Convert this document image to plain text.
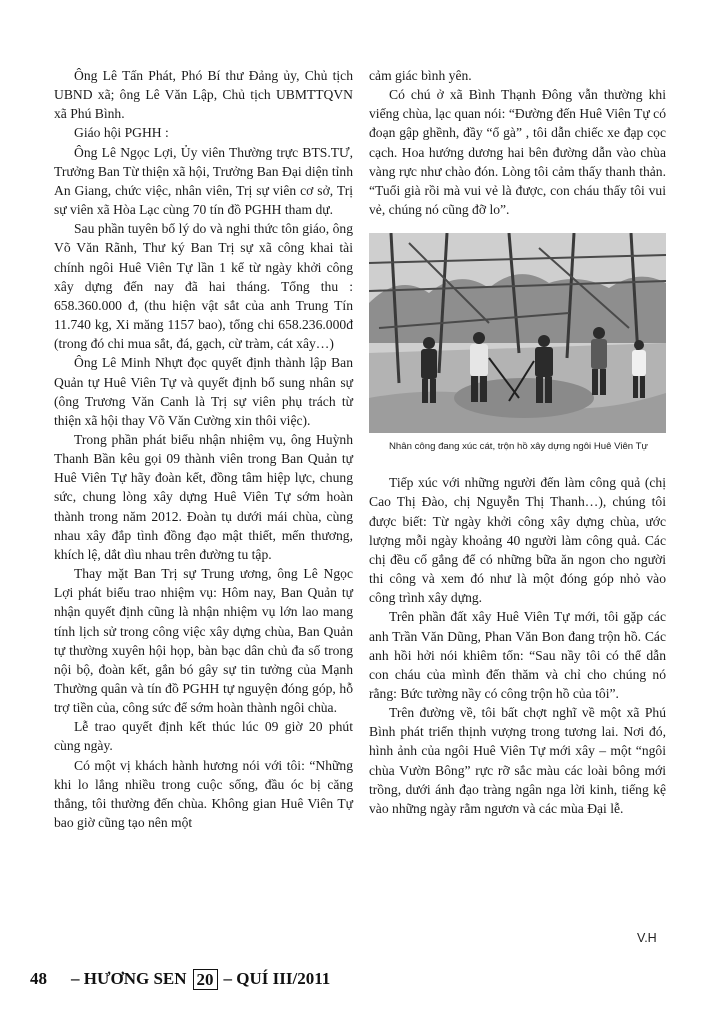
Ông Lê Tấn Phát, Phó Bí thư Đảng ủy, Chủ tịch UBND xã; ông Lê Văn Lập, Chủ tịch UBMTTQVN xã Phú Bình.

Giáo hội PGHH :

Ông Lê Ngọc Lợi, Ủy viên Thường trực BTS.TƯ, Trưởng Ban Từ thiện xã hội, Trưởng Ban Đại diện tỉnh An Giang, chức việc, nhân viên, Trị sự viên cơ sở, Trị sự viên xã Hòa Lạc cùng 70 tín đồ PGHH tham dự.

Sau phần tuyên bố lý do và nghi thức tôn giáo, ông Võ Văn Rãnh, Thư ký Ban Trị sự xã công khai tài chính ngôi Huê Viên Tự lần 1 kể từ ngày khởi công xây dựng đến nay đã hai tháng. Tổng thu : 658.360.000 đ, (thu hiện vật sắt của anh Trung Tín 11.740 kg, Xi măng 1157 bao), tổng chi 658.236.000đ (trong đó chi mua sắt, đá, gạch, cừ tràm, cát xây…)

Ông Lê Minh Nhựt đọc quyết định thành lập Ban Quản tự Huê Viên Tự và quyết định bổ sung nhân sự (ông Trương Văn Canh là Trị sự viên phụ trách từ thiện xã hội thay Võ Văn Cường xin thôi việc).

Trong phần phát biểu nhận nhiệm vụ, ông Huỳnh Thanh Bần kêu gọi 09 thành viên trong Ban Quản tự Huê Viên Tự hãy đoàn kết, đồng tâm hiệp lực, chung sức, chung lòng xây dựng Huê Viên Tự sớm hoàn thành trong năm 2012. Đoàn tụ dưới mái chùa, cùng nhau xây đắp tình đồng đạo mật thiết, mến thương, khích lệ, dắt dìu nhau trên đường tu tập.

Thay mặt Ban Trị sự Trung ương, ông Lê Ngọc Lợi phát biểu trao nhiệm vụ: Hôm nay, Ban Quản tự nhận quyết định cũng là nhận nhiệm vụ lớn lao mang tính lịch sử trong công việc xây dựng chùa, Ban Quản tự thường xuyên hội họp, bàn bạc dân chủ đa số trong nội bộ, đoàn kết, gắn bó gây sự tin tưởng của Mạnh Thường quân và tín đồ PGHH tự nguyện đóng góp, hỗ trợ tiền của, công sức để sớm hoàn thành ngôi chùa.

Lễ trao quyết định kết thúc lúc 09 giờ 20 phút cùng ngày.

Có một vị khách hành hương nói với tôi: “Những khi lo lắng nhiều trong cuộc sống, đầu óc bị căng thẳng, tôi thường đến chùa. Không gian Huê Viên Tự bao giờ cũng tạo nên một

cảm giác bình yên.

Có chú ở xã Bình Thạnh Đông vẫn thường khi viếng chùa, lạc quan nói: “Đường đến Huê Viên Tự có đoạn gập ghềnh, đầy “ổ gà” , tôi dẫn chiếc xe đạp cọc cạch. Hoa hướng dương hai bên đường dẫn vào chùa vàng rực như chào đón. Lòng tôi cảm thấy thanh thản. “Tuổi già rồi mà vui vẻ là được, con cháu thấy tôi vui vẻ, chúng nó cũng đỡ lo”.

Nhân công đang xúc cát, trộn hồ xây dựng ngôi Huê Viên Tự

Tiếp xúc với những người đến làm công quả (chị Cao Thị Đào, chị Nguyễn Thị Thanh…), chúng tôi được biết: Từ ngày khởi công xây dựng chùa, ước lượng mỗi ngày khoảng 40 người làm công quả. Các chị đều cố gắng để có những bữa ăn ngon cho người thi công và xem đó như là một đóng góp nhỏ vào công trình xây dựng.

Trên phần đất xây Huê Viên Tự mới, tôi gặp các anh Trần Văn Dũng, Phan Văn Bon đang trộn hồ. Các anh hồi hởi nói khiêm tốn: “Sau nầy tôi có thể dẫn con cháu của mình đến thăm và chỉ cho chúng nó rằng: Bức tường nầy có công trộn hồ của tôi”.

Trên đường về, tôi bất chợt nghĩ về một xã Phú Bình phát triển thịnh vượng trong tương lai. Nơi đó, hình ảnh của ngôi Huê Viên Tự mới xây – một “ngôi chùa Vườn Bông” rực rỡ sắc màu các loài bông mới trồng, dưới ánh đạo tràng ngân nga lời kinh, tiếng kệ vào những ngày rằm ngươn và các mùa Đại lễ.

V.H
48 – HƯƠNG SEN 20 – QUÍ III/2011
